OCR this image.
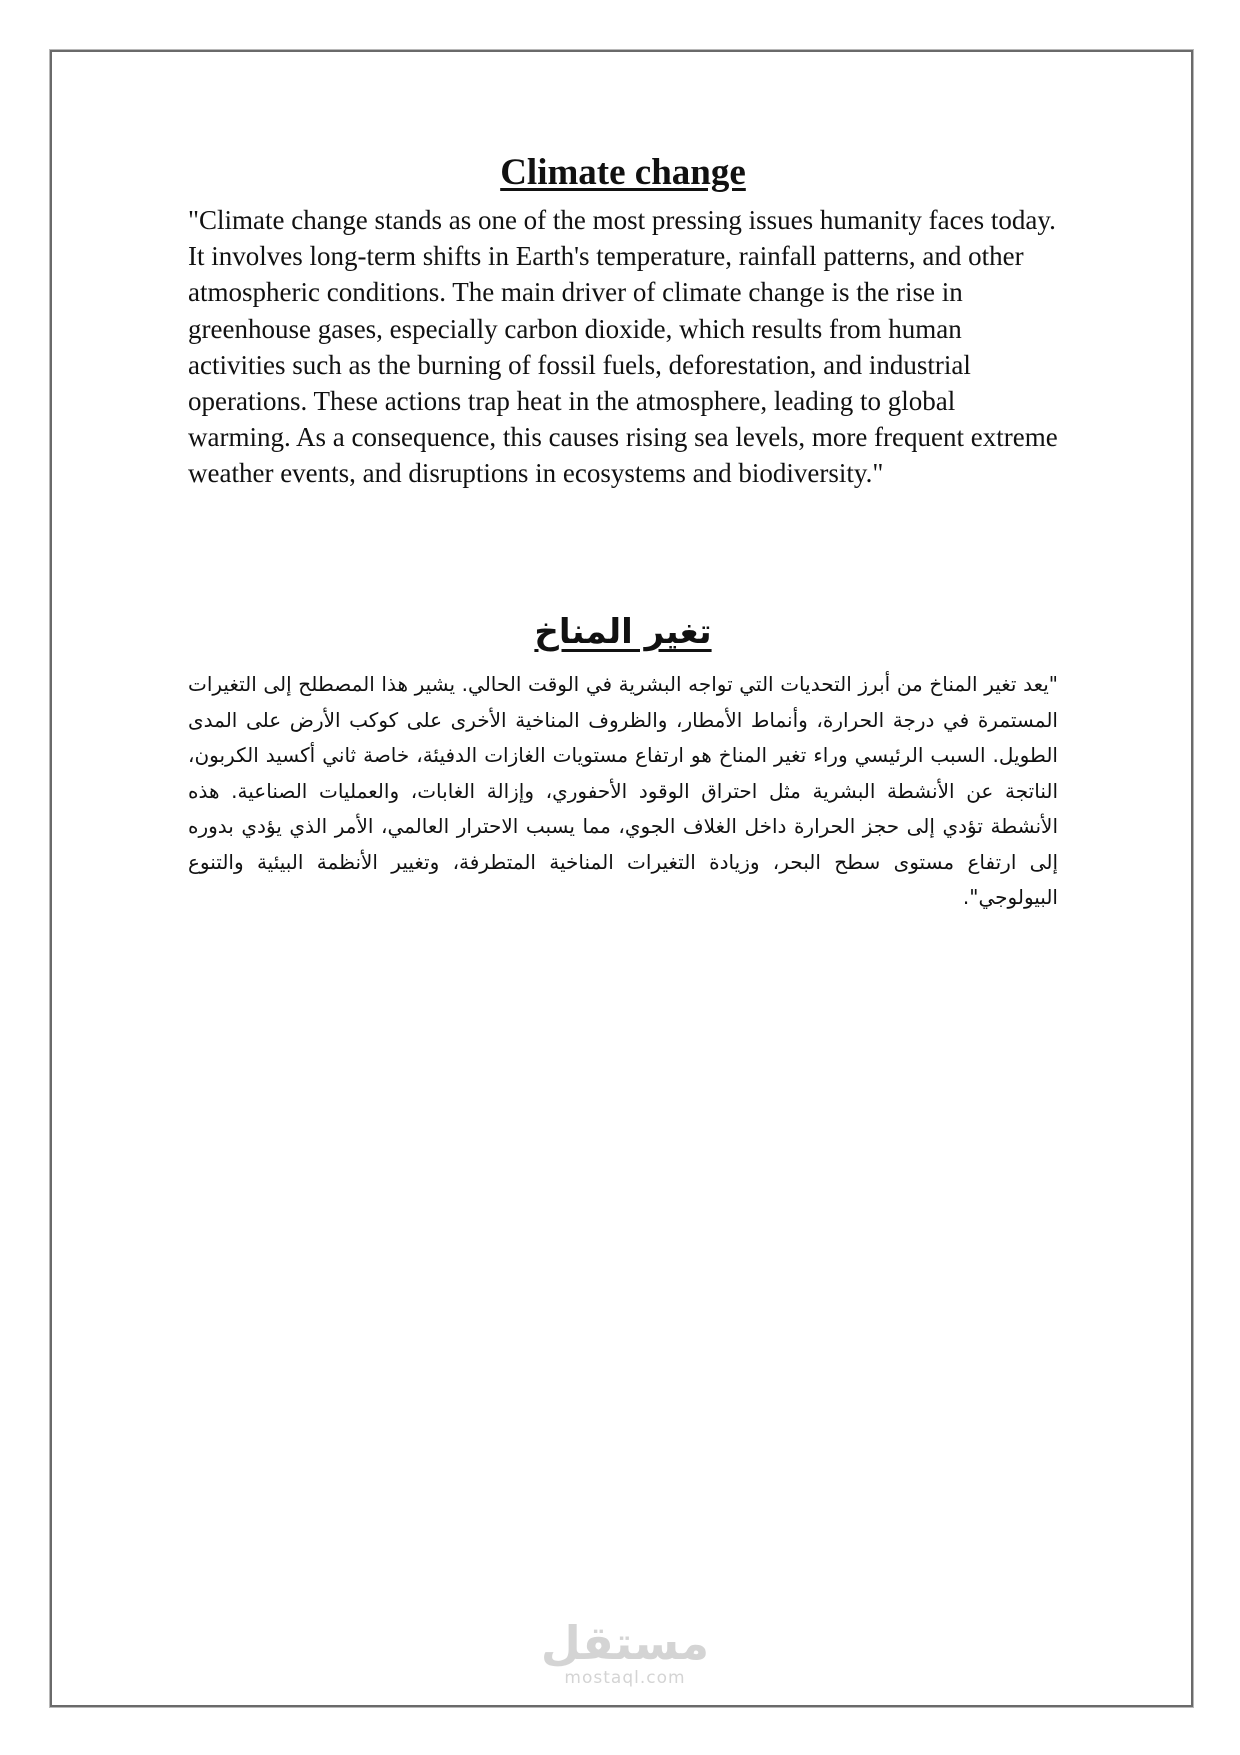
Climate change

"Climate change stands as one of the most pressing issues humanity faces today. It involves long-term shifts in Earth's temperature, rainfall patterns, and other atmospheric conditions. The main driver of climate change is the rise in greenhouse gases, especially carbon dioxide, which results from human activities such as the burning of fossil fuels, deforestation, and industrial operations. These actions trap heat in the atmosphere, leading to global warming. As a consequence, this causes rising sea levels, more frequent extreme weather events, and disruptions in ecosystems and biodiversity."

تغير المناخ

"يعد تغير المناخ من أبرز التحديات التي تواجه البشرية في الوقت الحالي. يشير هذا المصطلح إلى التغيرات المستمرة في درجة الحرارة، وأنماط الأمطار، والظروف المناخية الأخرى على كوكب الأرض على المدى الطويل. السبب الرئيسي وراء تغير المناخ هو ارتفاع مستويات الغازات الدفيئة، خاصة ثاني أكسيد الكربون، الناتجة عن الأنشطة البشرية مثل احتراق الوقود الأحفوري، وإزالة الغابات، والعمليات الصناعية. هذه الأنشطة تؤدي إلى حجز الحرارة داخل الغلاف الجوي، مما يسبب الاحترار العالمي، الأمر الذي يؤدي بدوره إلى ارتفاع مستوى سطح البحر، وزيادة التغيرات المناخية المتطرفة، وتغيير الأنظمة البيئية والتنوع البيولوجي".

مستقل
mostaql.com
